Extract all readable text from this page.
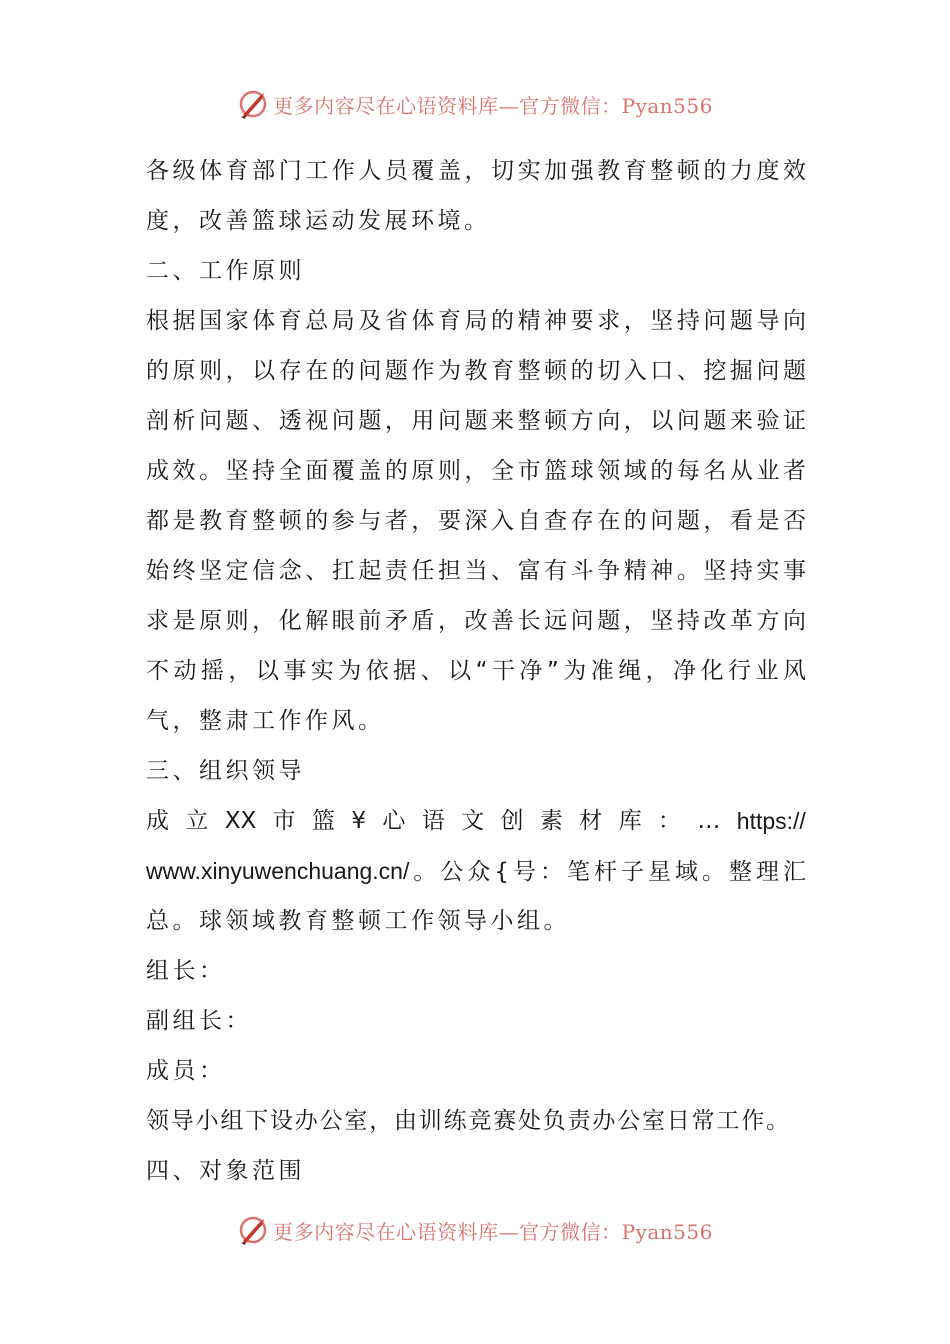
更多内容尽在心语资料库—官方微信：Pyan556
各级体育部门工作人员覆盖，切实加强教育整顿的力度效
度，改善篮球运动发展环境。
二、工作原则
根据国家体育总局及省体育局的精神要求，坚持问题导向
的原则，以存在的问题作为教育整顿的切入口、挖掘问题
剖析问题、透视问题，用问题来整顿方向，以问题来验证
成效。坚持全面覆盖的原则，全市篮球领域的每名从业者
都是教育整顿的参与者，要深入自查存在的问题，看是否
始终坚定信念、扛起责任担当、富有斗争精神。坚持实事
求是原则，化解眼前矛盾，改善长远问题，坚持改革方向
不动摇，以事实为依据、以“干净”为准绳，净化行业风
气，整肃工作作风。
三、组织领导
成 立 XX 市 篮 ¥ 心 语 文 创 素 材 库 ： … https://
www.xinyuwenchuang.cn/。公众{号：笔杆子星域。整理汇
总。球领域教育整顿工作领导小组。
组长：
副组长：
成员：
领导小组下设办公室，由训练竞赛处负责办公室日常工作。
四、对象范围
更多内容尽在心语资料库—官方微信：Pyan556
